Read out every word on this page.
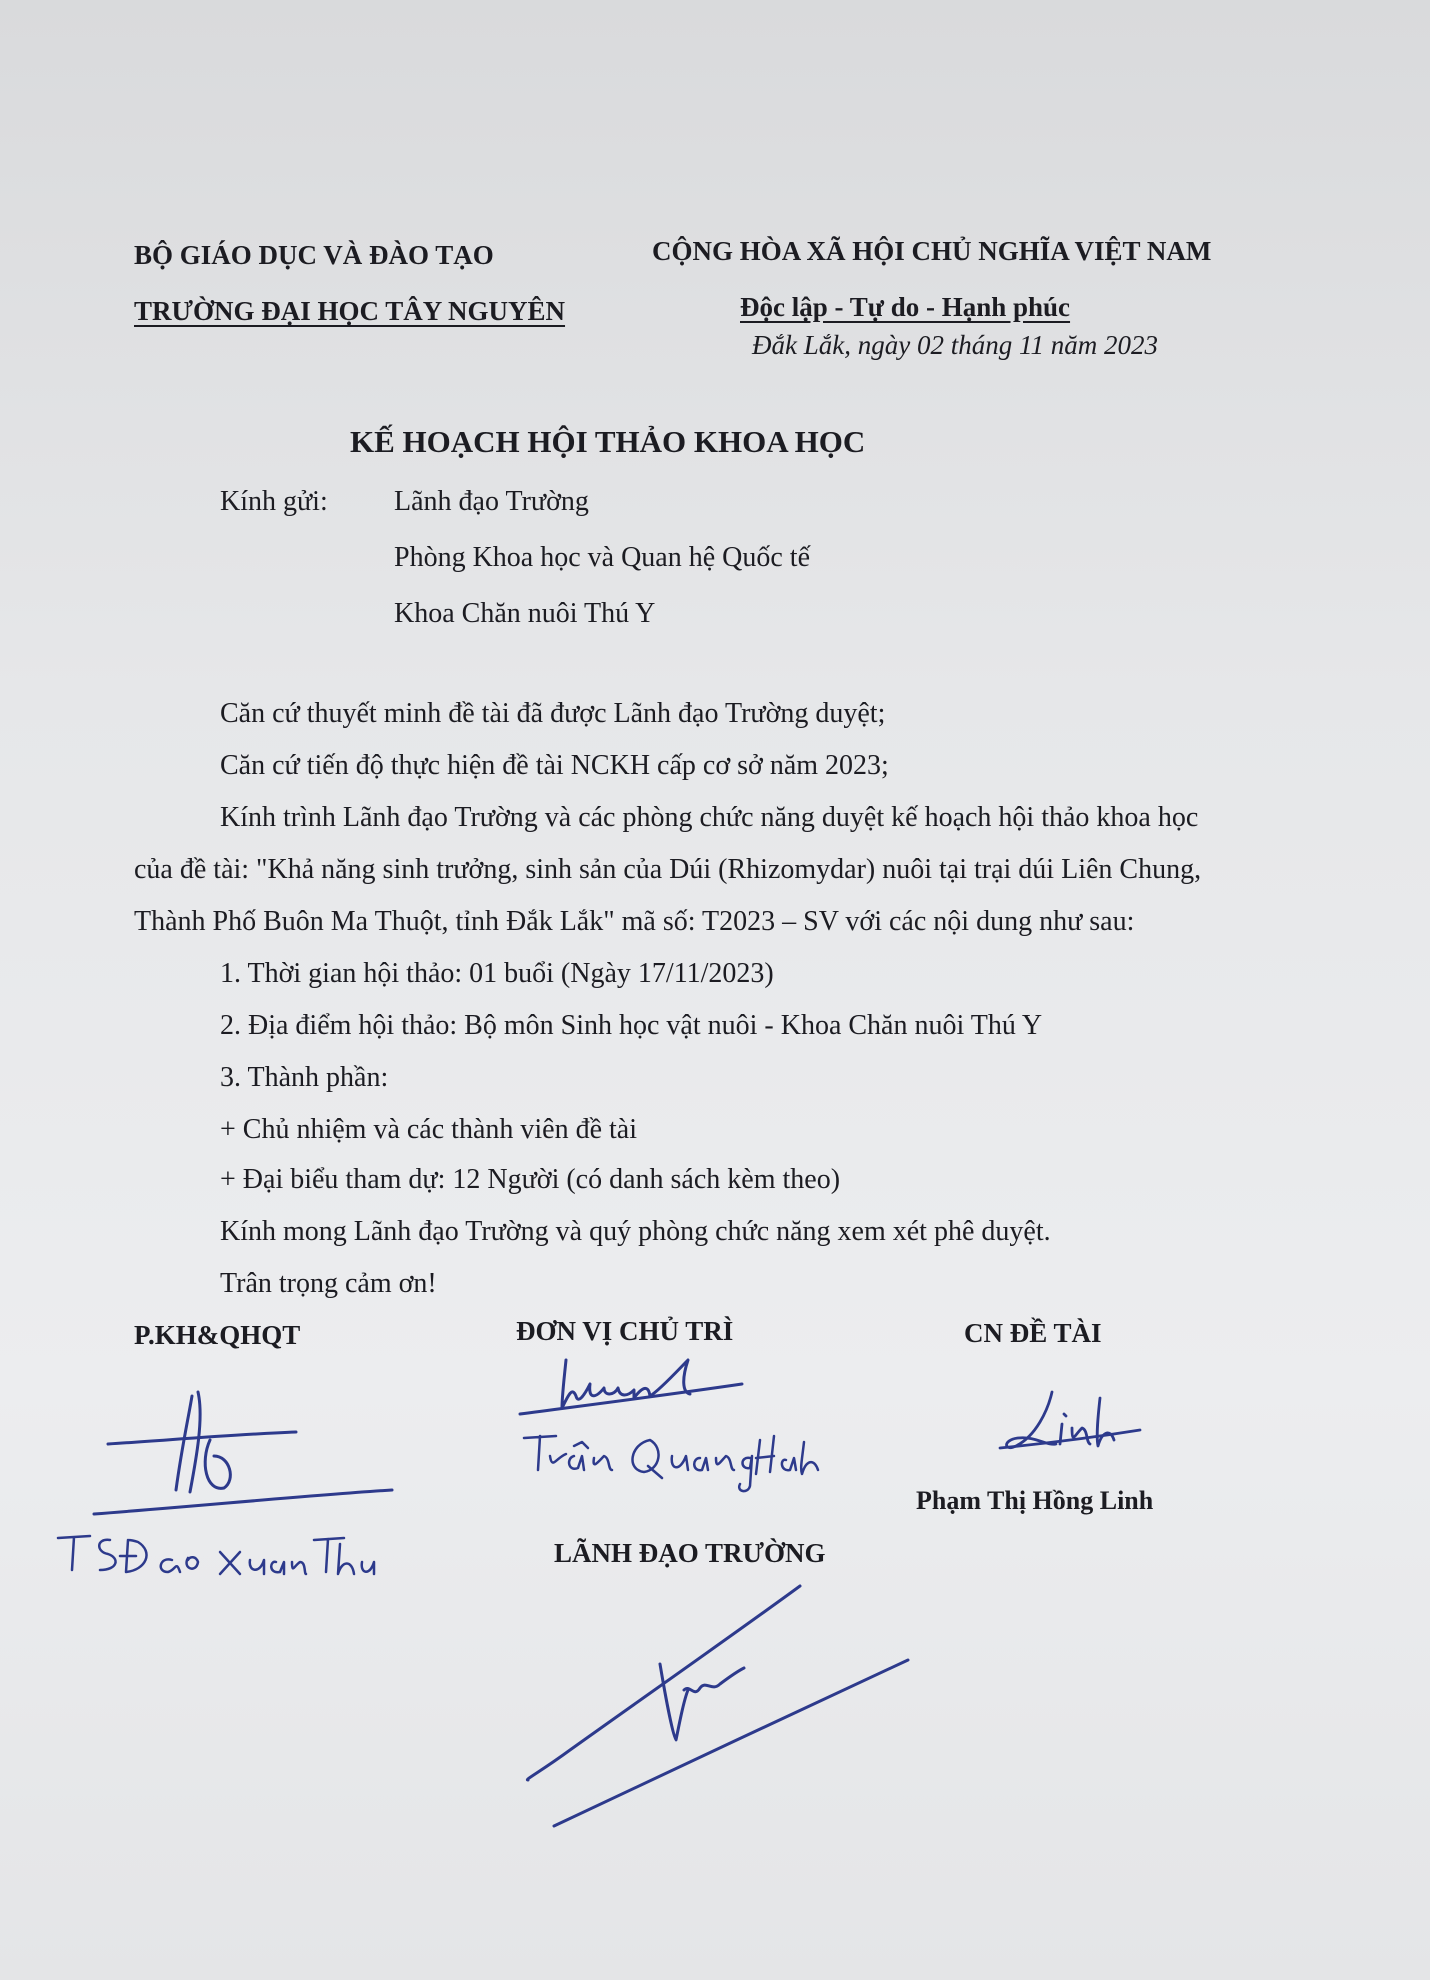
BỘ GIÁO DỤC VÀ ĐÀO TẠO
TRƯỜNG ĐẠI HỌC TÂY NGUYÊN
CỘNG HÒA XÃ HỘI CHỦ NGHĨA VIỆT NAM
Độc lập - Tự do - Hạnh phúc
Đắk Lắk, ngày 02 tháng 11 năm 2023
KẾ HOẠCH HỘI THẢO KHOA HỌC
Kính gửi: Lãnh đạo Trường
Phòng Khoa học và Quan hệ Quốc tế
Khoa Chăn nuôi Thú Y
Căn cứ thuyết minh đề tài đã được Lãnh đạo Trường duyệt;
Căn cứ tiến độ thực hiện đề tài NCKH cấp cơ sở năm 2023;
Kính trình Lãnh đạo Trường và các phòng chức năng duyệt kế hoạch hội thảo khoa học
của đề tài: "Khả năng sinh trưởng, sinh sản của Dúi (Rhizomydar) nuôi tại trại dúi Liên Chung,
Thành Phố Buôn Ma Thuột, tỉnh Đắk Lắk" mã số: T2023 – SV với các nội dung như sau:
1. Thời gian hội thảo: 01 buổi (Ngày 17/11/2023)
2. Địa điểm hội thảo: Bộ môn Sinh học vật nuôi - Khoa Chăn nuôi Thú Y
3. Thành phần:
+ Chủ nhiệm và các thành viên đề tài
+ Đại biểu tham dự: 12 Người (có danh sách kèm theo)
Kính mong Lãnh đạo Trường và quý phòng chức năng xem xét phê duyệt.
Trân trọng cảm ơn!
P.KH&QHQT	ĐƠN VỊ CHỦ TRÌ	CN ĐỀ TÀI
Phạm Thị Hồng Linh
LÃNH ĐẠO TRƯỜNG
